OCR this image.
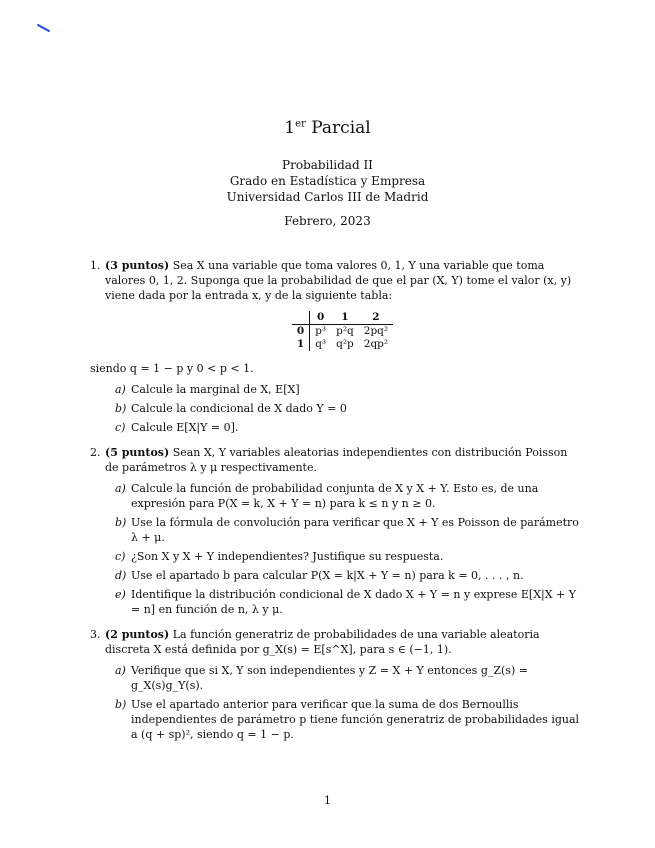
1er Parcial
Probabilidad II
Grado en Estadística y Empresa
Universidad Carlos III de Madrid
Febrero, 2023
1. (3 puntos) Sea X una variable que toma valores 0, 1, Y una variable que toma valores 0, 1, 2. Suponga que la probabilidad de que el par (X, Y) tome el valor (x, y) viene dada por la entrada x, y de la siguiente tabla:
	0	1	2
0	p³	p²q	2pq²
1	q³	q²p	2qp²
siendo q = 1 − p y 0 < p < 1.
a) Calcule la marginal de X, E[X]
b) Calcule la condicional de X dado Y = 0
c) Calcule E[X|Y = 0].
2. (5 puntos) Sean X, Y variables aleatorias independientes con distribución Poisson de parámetros λ y μ respectivamente.
a) Calcule la función de probabilidad conjunta de X y X + Y. Esto es, de una expresión para P(X = k, X + Y = n) para k ≤ n y n ≥ 0.
b) Use la fórmula de convolución para verificar que X + Y es Poisson de parámetro λ + μ.
c) ¿Son X y X + Y independientes? Justifique su respuesta.
d) Use el apartado b para calcular P(X = k|X + Y = n) para k = 0, . . . , n.
e) Identifique la distribución condicional de X dado X + Y = n y exprese E[X|X + Y = n] en función de n, λ y μ.
3. (2 puntos) La función generatriz de probabilidades de una variable aleatoria discreta X está definida por g_X(s) = E[s^X], para s ∈ (−1, 1).
a) Verifique que si X, Y son independientes y Z = X + Y entonces g_Z(s) = g_X(s)g_Y(s).
b) Use el apartado anterior para verificar que la suma de dos Bernoullis independientes de parámetro p tiene función generatriz de probabilidades igual a (q + sp)², siendo q = 1 − p.
1
